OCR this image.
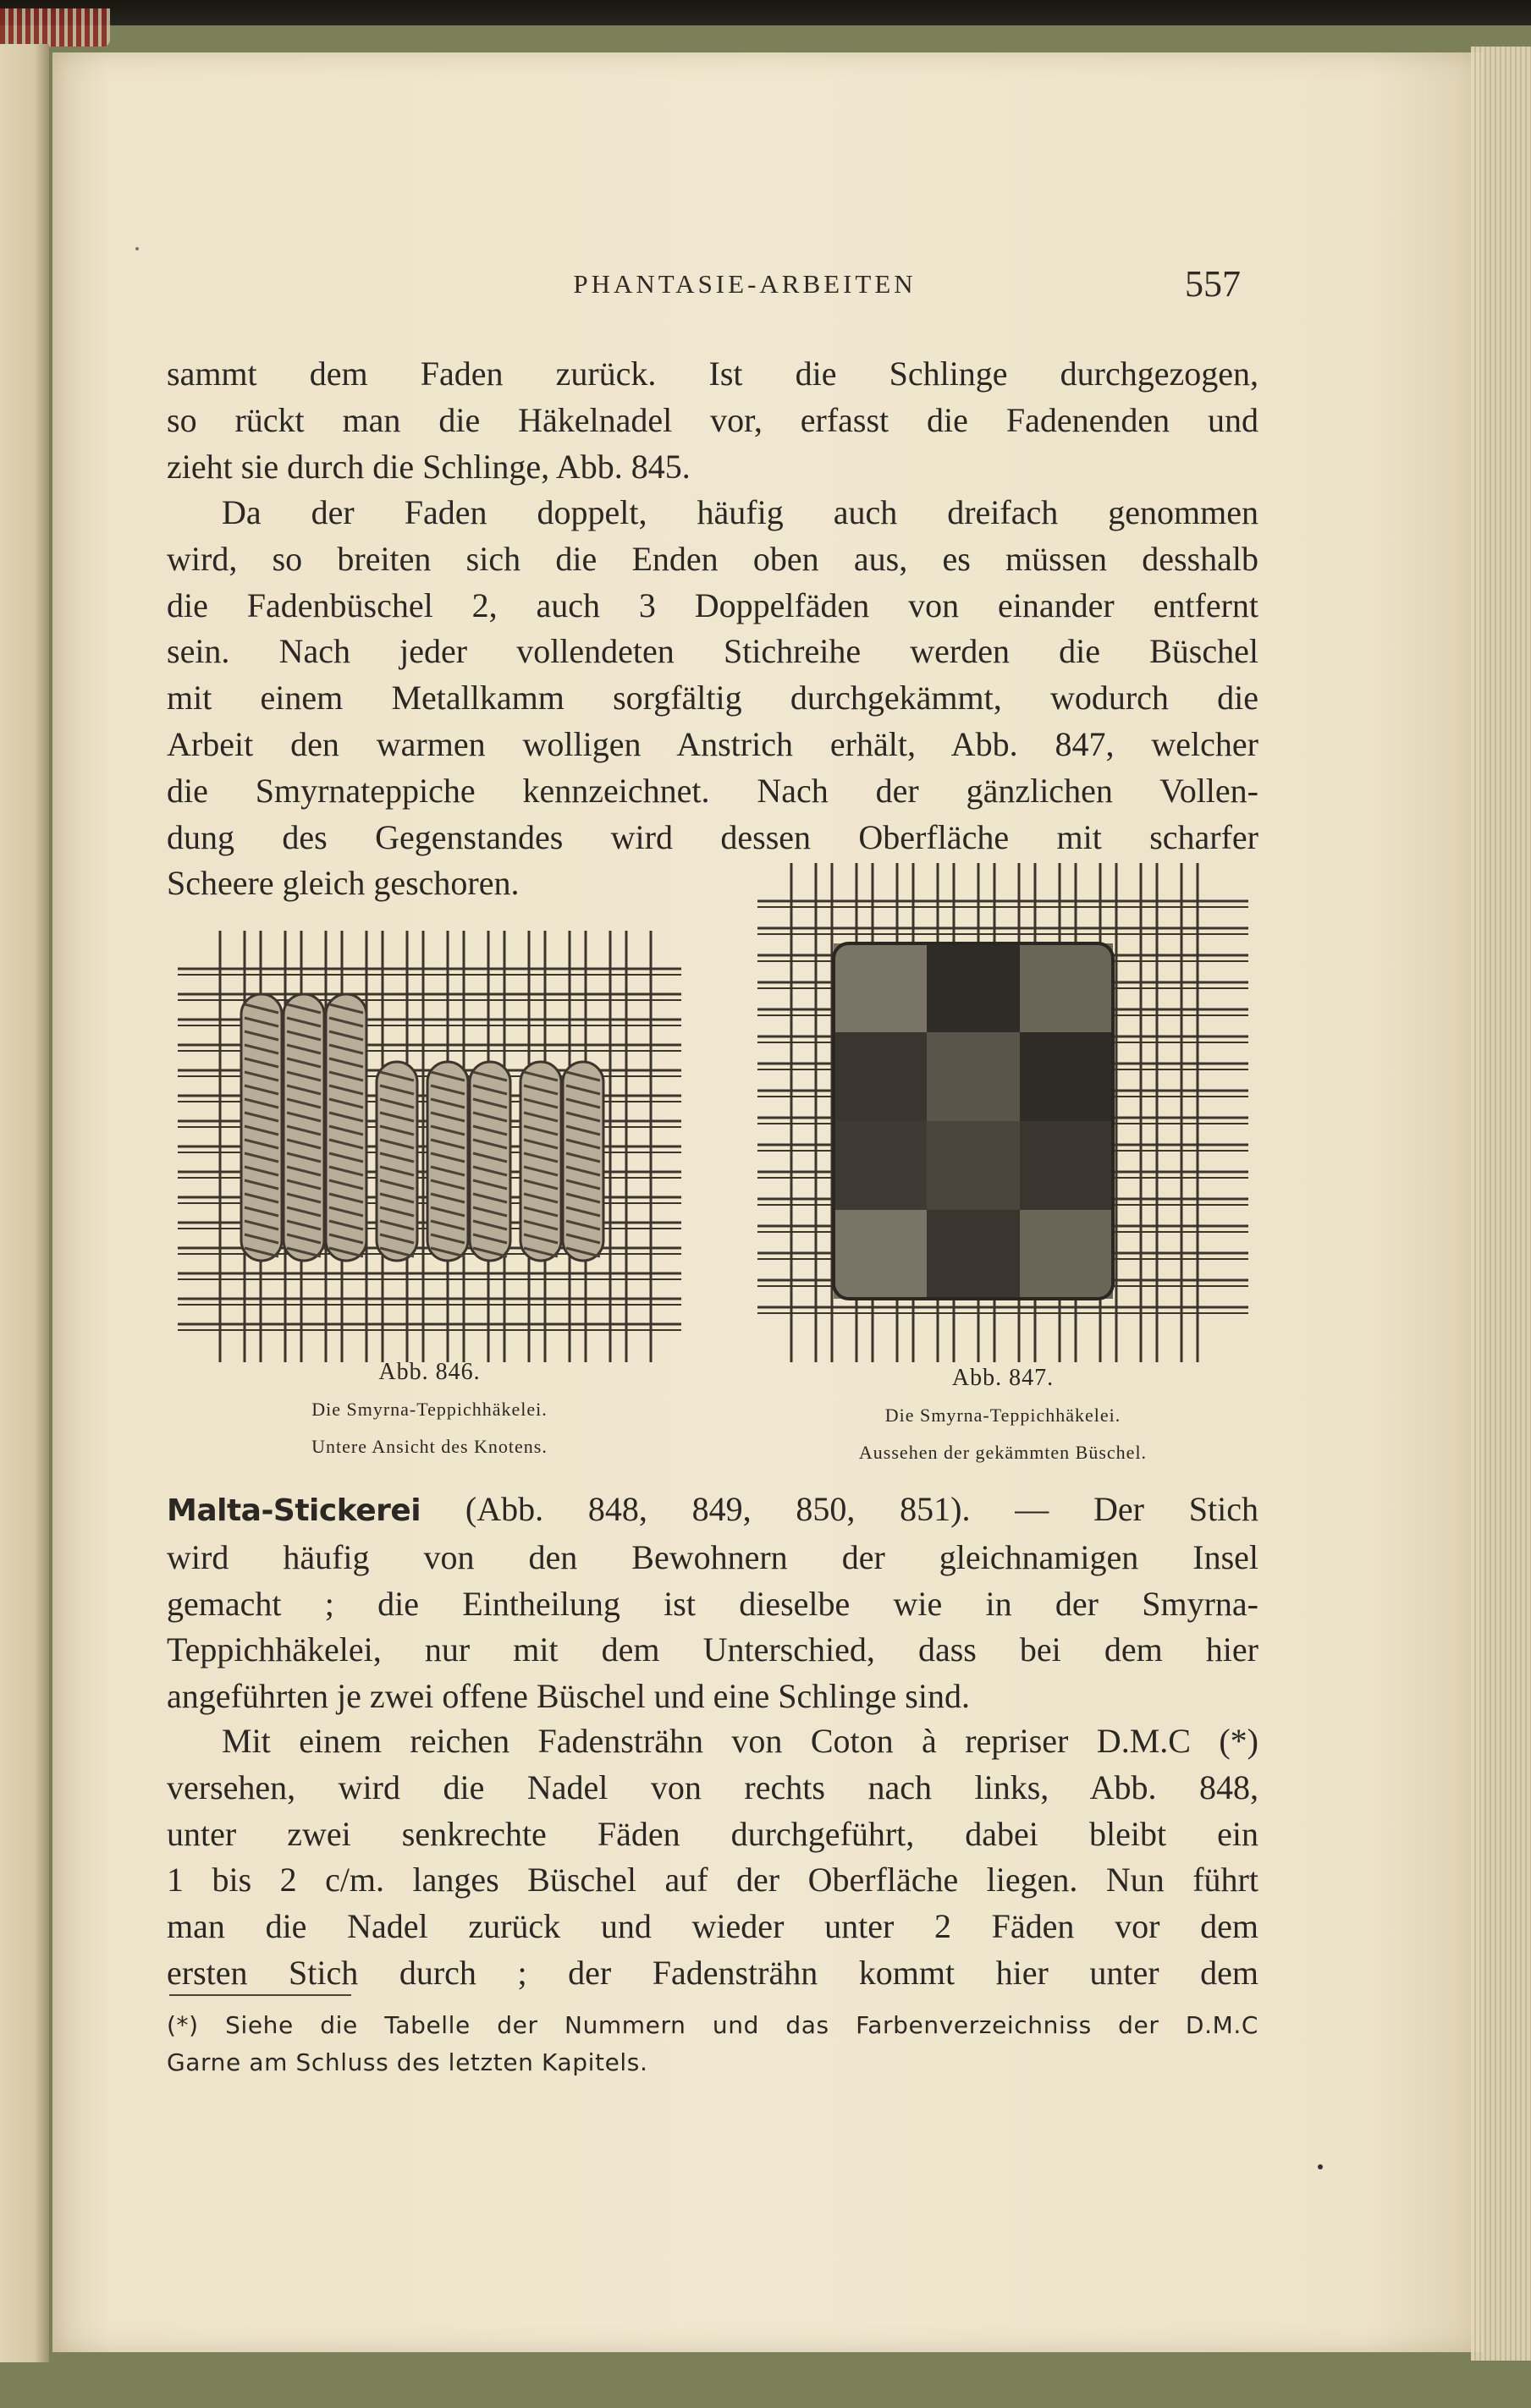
PHANTASIE-ARBEITEN	557
sammt dem Faden zurück. Ist die Schlinge durchgezogen,
so rückt man die Häkelnadel vor, erfasst die Fadenenden und
zieht sie durch die Schlinge, Abb. 845.
Da der Faden doppelt, häufig auch dreifach genommen
wird, so breiten sich die Enden oben aus, es müssen desshalb
die Fadenbüschel 2, auch 3 Doppelfäden von einander entfernt
sein. Nach jeder vollendeten Stichreihe werden die Büschel
mit einem Metallkamm sorgfältig durchgekämmt, wodurch die
Arbeit den warmen wolligen Anstrich erhält, Abb. 847, welcher
die Smyrnateppiche kennzeichnet. Nach der gänzlichen Vollen-
dung des Gegenstandes wird dessen Oberfläche mit scharfer
Scheere gleich geschoren.
Abb. 846.
Die Smyrna-Teppichhäkelei.
Untere Ansicht des Knotens.
Abb. 847.
Die Smyrna-Teppichhäkelei.
Aussehen der gekämmten Büschel.
Malta-Stickerei (Abb. 848, 849, 850, 851). — Der Stich
wird häufig von den Bewohnern der gleichnamigen Insel
gemacht ; die Eintheilung ist dieselbe wie in der Smyrna-
Teppichhäkelei, nur mit dem Unterschied, dass bei dem hier
angeführten je zwei offene Büschel und eine Schlinge sind.
Mit einem reichen Fadensträhn von Coton à repriser D.M.C (*)
versehen, wird die Nadel von rechts nach links, Abb. 848,
unter zwei senkrechte Fäden durchgeführt, dabei bleibt ein
1 bis 2 c/m. langes Büschel auf der Oberfläche liegen. Nun führt
man die Nadel zurück und wieder unter 2 Fäden vor dem
ersten Stich durch ; der Fadensträhn kommt hier unter dem
(*) Siehe die Tabelle der Nummern und das Farbenverzeichniss der D.M.C
Garne am Schluss des letzten Kapitels.
